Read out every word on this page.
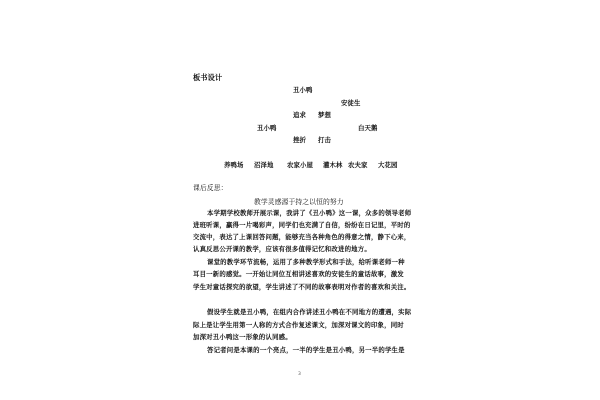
板书设计
丑小鸭
安徒生
追求 梦想
丑小鸭	白天鹅
挫折 打击
养鸭场 沼泽地 农家小屋 灌木林 农夫家 大花园
课后反思：
教学灵感源于持之以恒的努力
本学期学校教师开展示课，我讲了《丑小鸭》这一课，众多的领导老师
进班听课，赢得一片喝彩声，同学们也充满了自信，纷纷在日记里，平时的
交流中，表达了上课回答问题，能够充当各种角色的得意之情，静下心来，
认真反思公开课的教学，应该有很多值得记忆和改进的地方。
课堂的教学环节流畅，运用了多种教学形式和手法，给听课老师一种
耳目一新的感觉。一开始让同位互相讲述喜欢的安徒生的童话故事，激发
学生对童话探究的欲望，学生讲述了不同的故事表明对作者的喜欢和关注。
假设学生就是丑小鸭，在组内合作讲述丑小鸭在不同地方的遭遇，实际
际上是让学生用第一人称的方式合作复述课文，加深对课文的印象，同时
加深对丑小鸭这一形象的认同感。
答记者问是本课的一个亮点，一半的学生是丑小鸭，另一半的学生是
3
